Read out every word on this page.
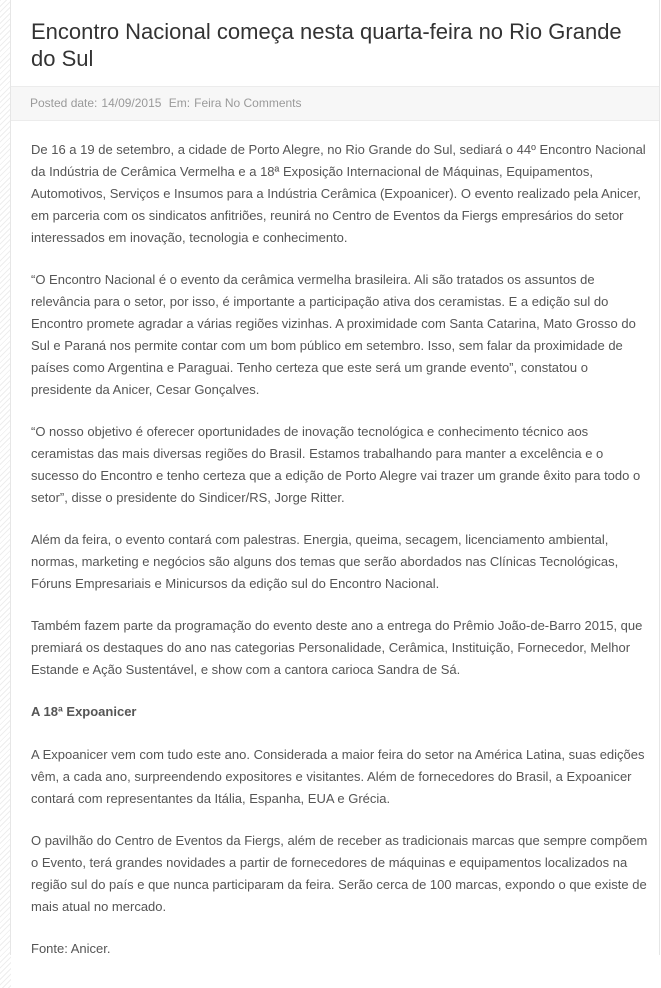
Encontro Nacional começa nesta quarta-feira no Rio Grande do Sul
Posted date: 14/09/2015 Em: Feira No Comments

De 16 a 19 de setembro, a cidade de Porto Alegre, no Rio Grande do Sul, sediará o 44º Encontro Nacional da Indústria de Cerâmica Vermelha e a 18ª Exposição Internacional de Máquinas, Equipamentos, Automotivos, Serviços e Insumos para a Indústria Cerâmica (Expoanicer). O evento realizado pela Anicer, em parceria com os sindicatos anfitriões, reunirá no Centro de Eventos da Fiergs empresários do setor interessados em inovação, tecnologia e conhecimento.

“O Encontro Nacional é o evento da cerâmica vermelha brasileira. Ali são tratados os assuntos de relevância para o setor, por isso, é importante a participação ativa dos ceramistas. E a edição sul do Encontro promete agradar a várias regiões vizinhas. A proximidade com Santa Catarina, Mato Grosso do Sul e Paraná nos permite contar com um bom público em setembro. Isso, sem falar da proximidade de países como Argentina e Paraguai. Tenho certeza que este será um grande evento”, constatou o presidente da Anicer, Cesar Gonçalves.

“O nosso objetivo é oferecer oportunidades de inovação tecnológica e conhecimento técnico aos ceramistas das mais diversas regiões do Brasil. Estamos trabalhando para manter a excelência e o sucesso do Encontro e tenho certeza que a edição de Porto Alegre vai trazer um grande êxito para todo o setor”, disse o presidente do Sindicer/RS, Jorge Ritter.

Além da feira, o evento contará com palestras. Energia, queima, secagem, licenciamento ambiental, normas, marketing e negócios são alguns dos temas que serão abordados nas Clínicas Tecnológicas, Fóruns Empresariais e Minicursos da edição sul do Encontro Nacional.

Também fazem parte da programação do evento deste ano a entrega do Prêmio João-de-Barro 2015, que premiará os destaques do ano nas categorias Personalidade, Cerâmica, Instituição, Fornecedor, Melhor Estande e Ação Sustentável, e show com a cantora carioca Sandra de Sá.

A 18ª Expoanicer

A Expoanicer vem com tudo este ano. Considerada a maior feira do setor na América Latina, suas edições vêm, a cada ano, surpreendendo expositores e visitantes. Além de fornecedores do Brasil, a Expoanicer contará com representantes da Itália, Espanha, EUA e Grécia.

O pavilhão do Centro de Eventos da Fiergs, além de receber as tradicionais marcas que sempre compõem o Evento, terá grandes novidades a partir de fornecedores de máquinas e equipamentos localizados na região sul do país e que nunca participaram da feira. Serão cerca de 100 marcas, expondo o que existe de mais atual no mercado.

Fonte: Anicer.
